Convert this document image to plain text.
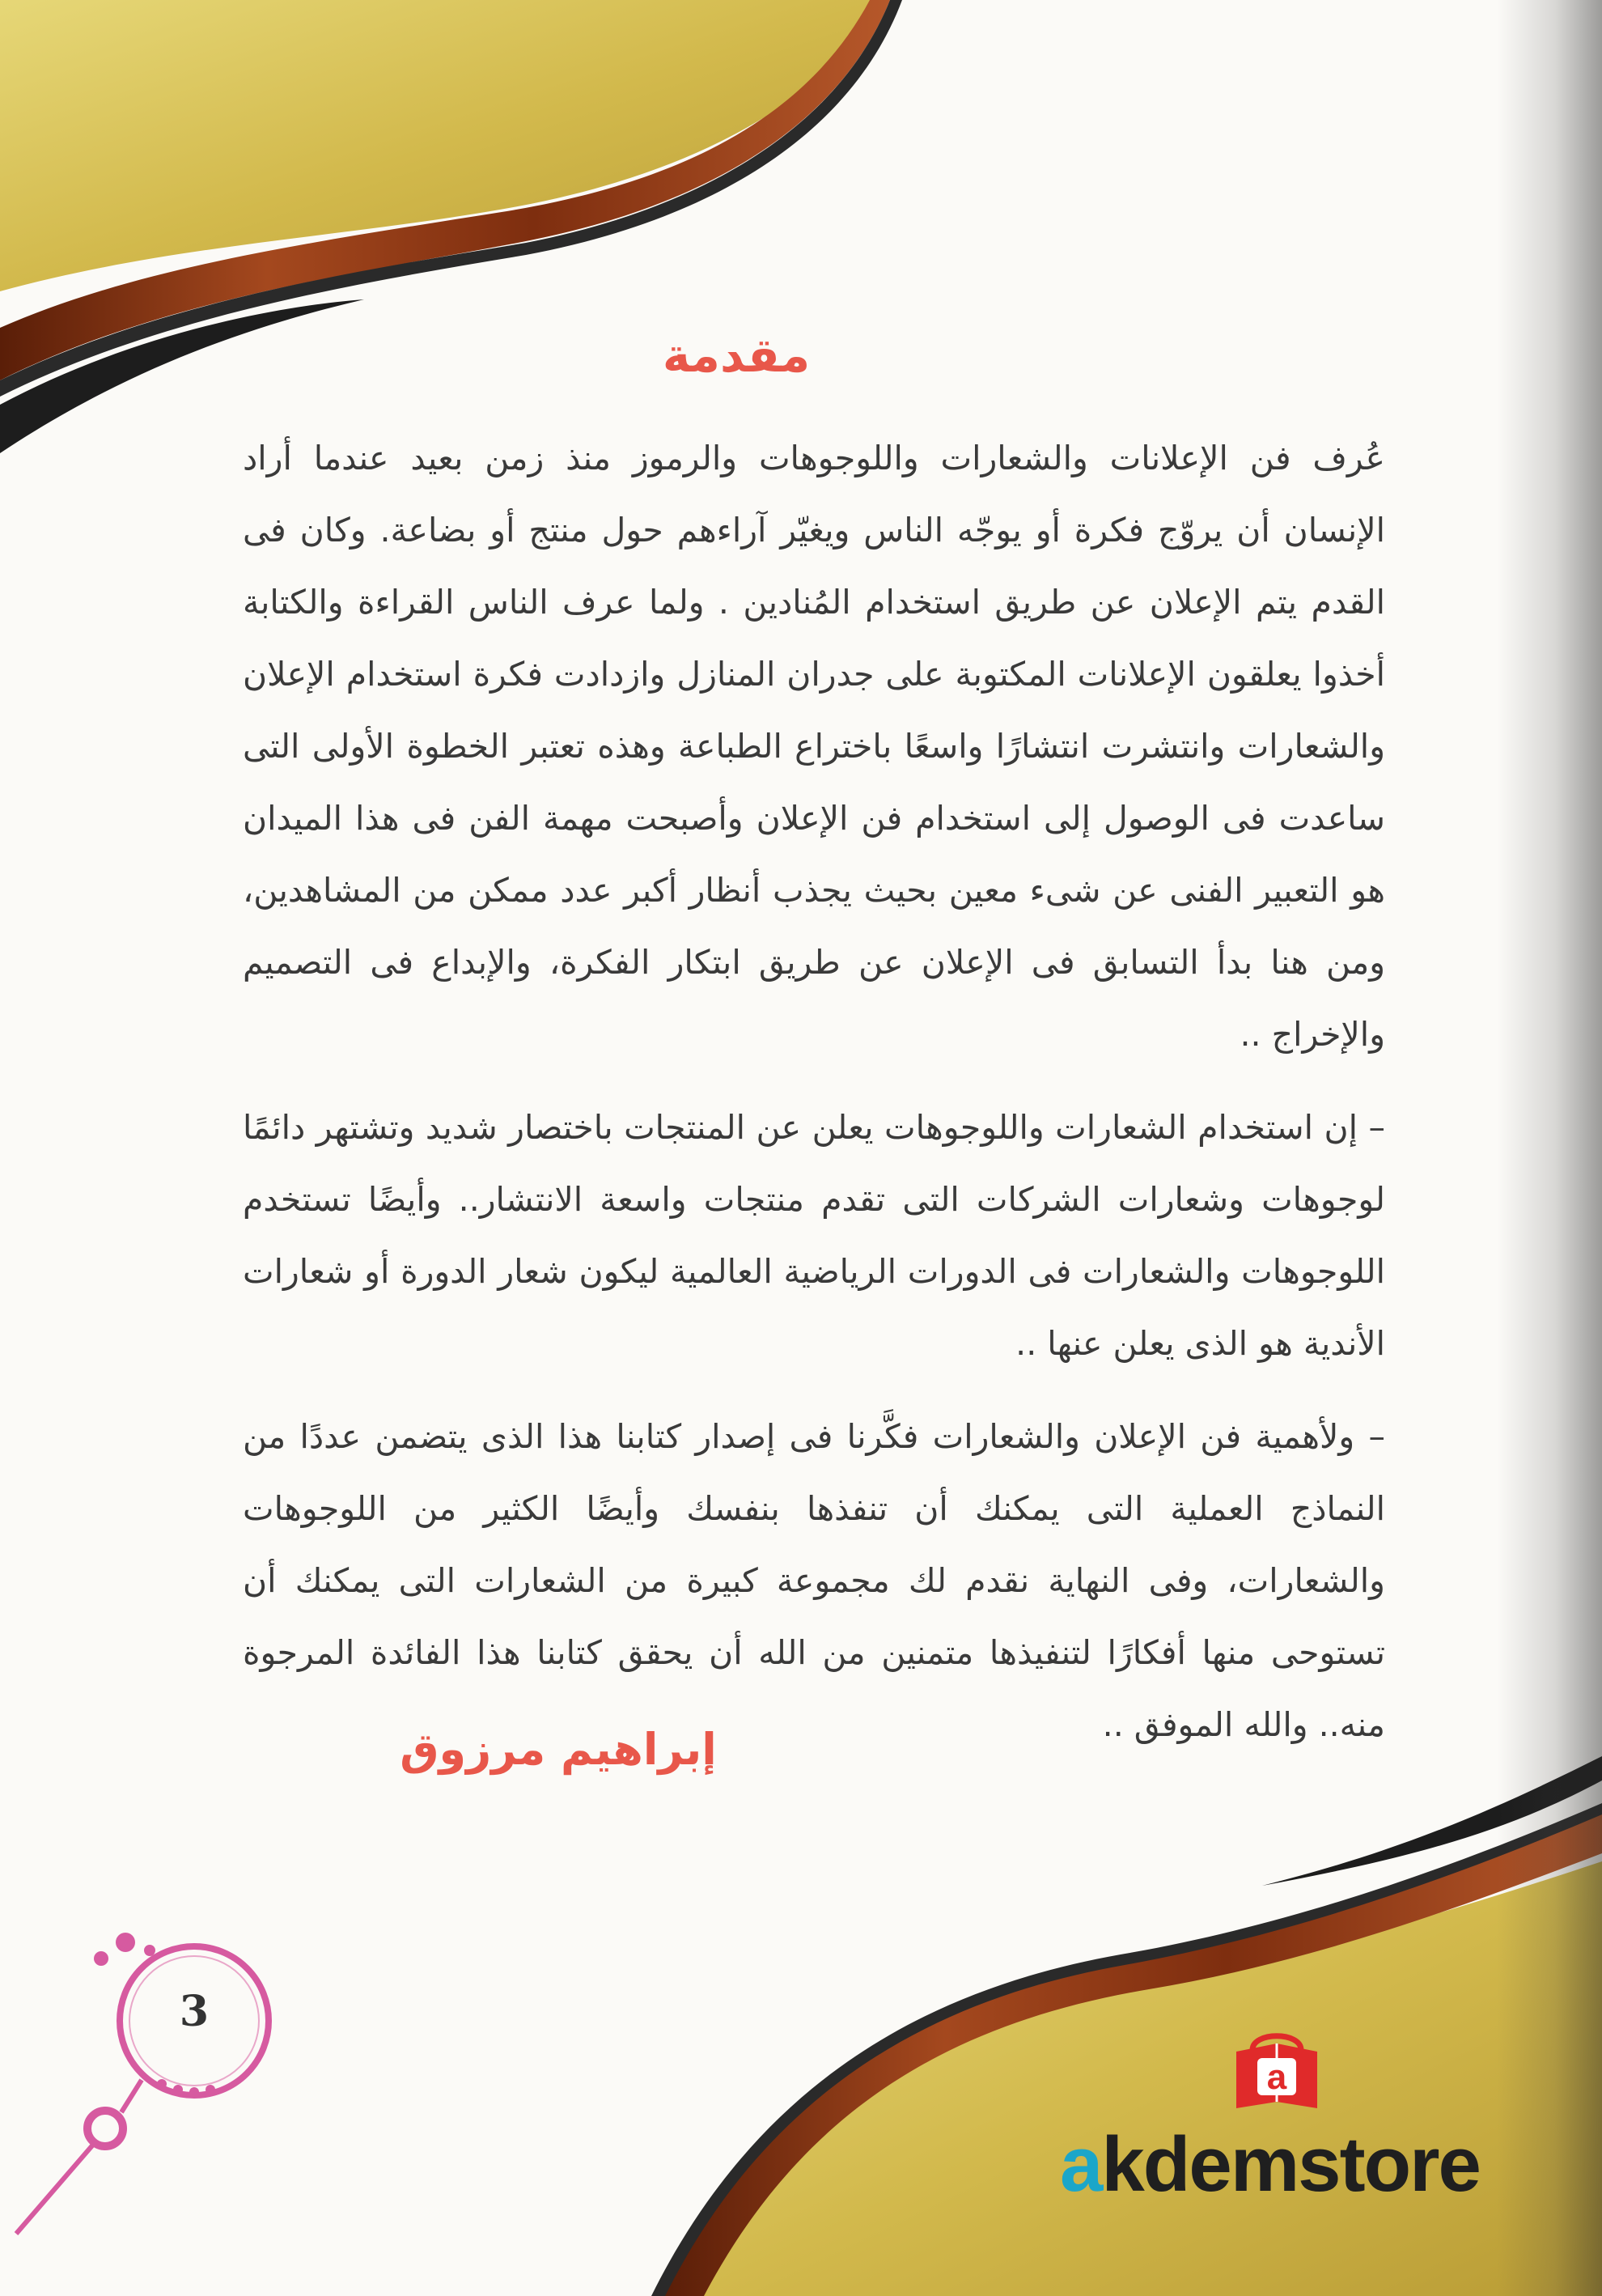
مقدمة

عُرف فن الإعلانات والشعارات واللوجوهات والرموز منذ زمن بعيد عندما أراد الإنسان أن يروّج فكرة أو يوجّه الناس ويغيّر آراءهم حول منتج أو بضاعة. وكان فى القدم يتم الإعلان عن طريق استخدام المُنادين . ولما عرف الناس القراءة والكتابة أخذوا يعلقون الإعلانات المكتوبة على جدران المنازل وازدادت فكرة استخدام الإعلان والشعارات وانتشرت انتشارًا واسعًا باختراع الطباعة وهذه تعتبر الخطوة الأولى التى ساعدت فى الوصول إلى استخدام فن الإعلان وأصبحت مهمة الفن فى هذا الميدان هو التعبير الفنى عن شىء معين بحيث يجذب أنظار أكبر عدد ممكن من المشاهدين، ومن هنا بدأ التسابق فى الإعلان عن طريق ابتكار الفكرة، والإبداع فى التصميم والإخراج ..

– إن استخدام الشعارات واللوجوهات يعلن عن المنتجات باختصار شديد وتشتهر دائمًا لوجوهات وشعارات الشركات التى تقدم منتجات واسعة الانتشار.. وأيضًا تستخدم اللوجوهات والشعارات فى الدورات الرياضية العالمية ليكون شعار الدورة أو شعارات الأندية هو الذى يعلن عنها ..

– ولأهمية فن الإعلان والشعارات فكَّرنا فى إصدار كتابنا هذا الذى يتضمن عددًا من النماذج العملية التى يمكنك أن تنفذها بنفسك وأيضًا الكثير من اللوجوهات والشعارات، وفى النهاية نقدم لك مجموعة كبيرة من الشعارات التى يمكنك أن تستوحى منها أفكارًا لتنفيذها متمنين من الله أن يحقق كتابنا هذا الفائدة المرجوة منه.. والله الموفق ..

إبراهيم مرزوق
3
a
akdemstore
